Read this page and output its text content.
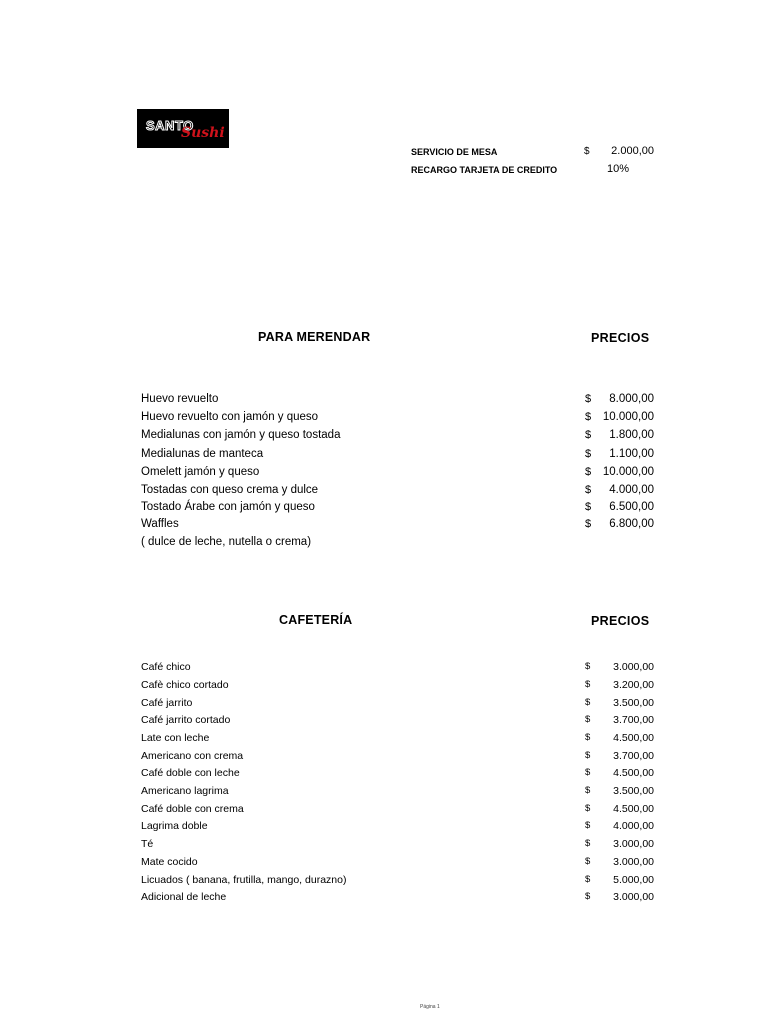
SANTO
Sushi
SERVICIO DE MESA	$ 2.000,00
RECARGO TARJETA DE CREDITO	10%
PARA MERENDAR	PRECIOS
Huevo revuelto	$ 8.000,00
Huevo revuelto con jamón y queso	$ 10.000,00
Medialunas con jamón y queso tostada	$ 1.800,00
Medialunas de manteca	$ 1.100,00
Omelett jamón y queso	$ 10.000,00
Tostadas con queso crema y dulce	$ 4.000,00
Tostado Árabe con jamón y queso	$ 6.500,00
Waffles	$ 6.800,00
( dulce de leche, nutella o crema)
CAFETERÍA	PRECIOS
Café chico	$ 3.000,00
Cafè chico cortado	$ 3.200,00
Café jarrito	$ 3.500,00
Café jarrito cortado	$ 3.700,00
Late con leche	$ 4.500,00
Americano con crema	$ 3.700,00
Café doble con leche	$ 4.500,00
Americano lagrima	$ 3.500,00
Café doble con crema	$ 4.500,00
Lagrima doble	$ 4.000,00
Té	$ 3.000,00
Mate cocido	$ 3.000,00
Licuados ( banana, frutilla, mango, durazno)	$ 5.000,00
Adicional de leche	$ 3.000,00
Página 1
